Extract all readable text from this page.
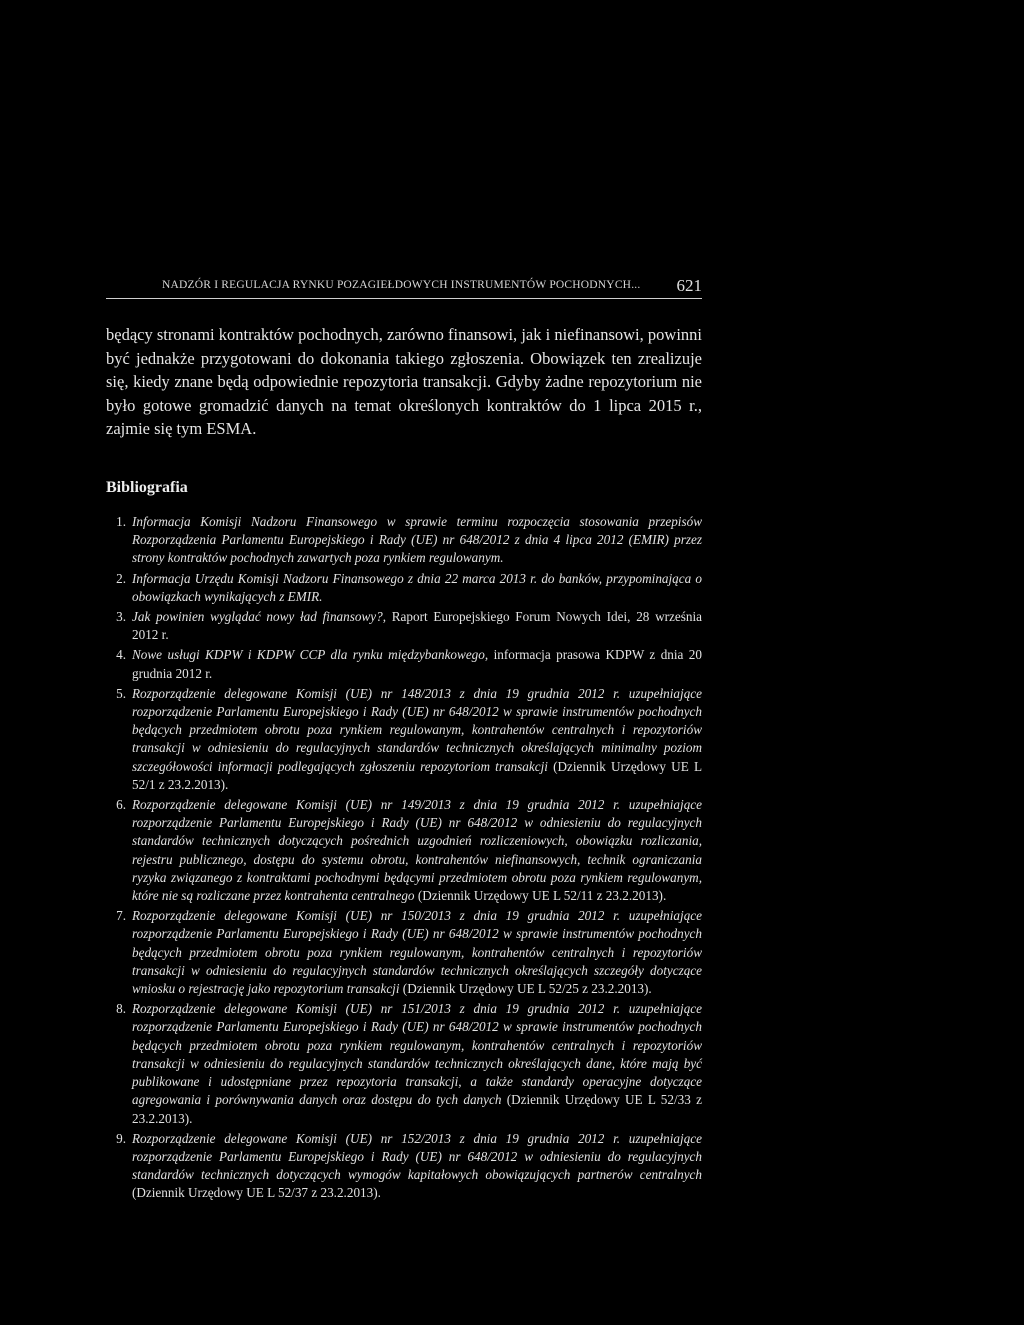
NADZÓR I REGULACJA RYNKU POZAGIEŁDOWYCH INSTRUMENTÓW POCHODNYCH... 621

będący stronami kontraktów pochodnych, zarówno finansowi, jak i niefinansowi, powinni być jednakże przygotowani do dokonania takiego zgłoszenia. Obowiązek ten zrealizuje się, kiedy znane będą odpowiednie repozytoria transakcji. Gdyby żadne repozytorium nie było gotowe gromadzić danych na temat określonych kontraktów do 1 lipca 2015 r., zajmie się tym ESMA.

Bibliografia
1. Informacja Komisji Nadzoru Finansowego w sprawie terminu rozpoczęcia stosowania przepisów Rozporządzenia Parlamentu Europejskiego i Rady (UE) nr 648/2012 z dnia 4 lipca 2012 (EMIR) przez strony kontraktów pochodnych zawartych poza rynkiem regulowanym.
2. Informacja Urzędu Komisji Nadzoru Finansowego z dnia 22 marca 2013 r. do banków, przypominająca o obowiązkach wynikających z EMIR.
3. Jak powinien wyglądać nowy ład finansowy?, Raport Europejskiego Forum Nowych Idei, 28 września 2012 r.
4. Nowe usługi KDPW i KDPW CCP dla rynku międzybankowego, informacja prasowa KDPW z dnia 20 grudnia 2012 r.
5. Rozporządzenie delegowane Komisji (UE) nr 148/2013 z dnia 19 grudnia 2012 r. uzupełniające rozporządzenie Parlamentu Europejskiego i Rady (UE) nr 648/2012 w sprawie instrumentów pochodnych będących przedmiotem obrotu poza rynkiem regulowanym, kontrahentów centralnych i repozytoriów transakcji w odniesieniu do regulacyjnych standardów technicznych określających minimalny poziom szczegółowości informacji podlegających zgłoszeniu repozytoriom transakcji (Dziennik Urzędowy UE L 52/1 z 23.2.2013).
6. Rozporządzenie delegowane Komisji (UE) nr 149/2013 z dnia 19 grudnia 2012 r. uzupełniające rozporządzenie Parlamentu Europejskiego i Rady (UE) nr 648/2012 w odniesieniu do regulacyjnych standardów technicznych dotyczących pośrednich uzgodnień rozliczeniowych, obowiązku rozliczania, rejestru publicznego, dostępu do systemu obrotu, kontrahentów niefinansowych, technik ograniczania ryzyka związanego z kontraktami pochodnymi będącymi przedmiotem obrotu poza rynkiem regulowanym, które nie są rozliczane przez kontrahenta centralnego (Dziennik Urzędowy UE L 52/11 z 23.2.2013).
7. Rozporządzenie delegowane Komisji (UE) nr 150/2013 z dnia 19 grudnia 2012 r. uzupełniające rozporządzenie Parlamentu Europejskiego i Rady (UE) nr 648/2012 w sprawie instrumentów pochodnych będących przedmiotem obrotu poza rynkiem regulowanym, kontrahentów centralnych i repozytoriów transakcji w odniesieniu do regulacyjnych standardów technicznych określających szczegóły dotyczące wniosku o rejestrację jako repozytorium transakcji (Dziennik Urzędowy UE L 52/25 z 23.2.2013).
8. Rozporządzenie delegowane Komisji (UE) nr 151/2013 z dnia 19 grudnia 2012 r. uzupełniające rozporządzenie Parlamentu Europejskiego i Rady (UE) nr 648/2012 w sprawie instrumentów pochodnych będących przedmiotem obrotu poza rynkiem regulowanym, kontrahentów centralnych i repozytoriów transakcji w odniesieniu do regulacyjnych standardów technicznych określających dane, które mają być publikowane i udostępniane przez repozytoria transakcji, a także standardy operacyjne dotyczące agregowania i porównywania danych oraz dostępu do tych danych (Dziennik Urzędowy UE L 52/33 z 23.2.2013).
9. Rozporządzenie delegowane Komisji (UE) nr 152/2013 z dnia 19 grudnia 2012 r. uzupełniające rozporządzenie Parlamentu Europejskiego i Rady (UE) nr 648/2012 w odniesieniu do regulacyjnych standardów technicznych dotyczących wymogów kapitałowych obowiązujących partnerów centralnych (Dziennik Urzędowy UE L 52/37 z 23.2.2013).
